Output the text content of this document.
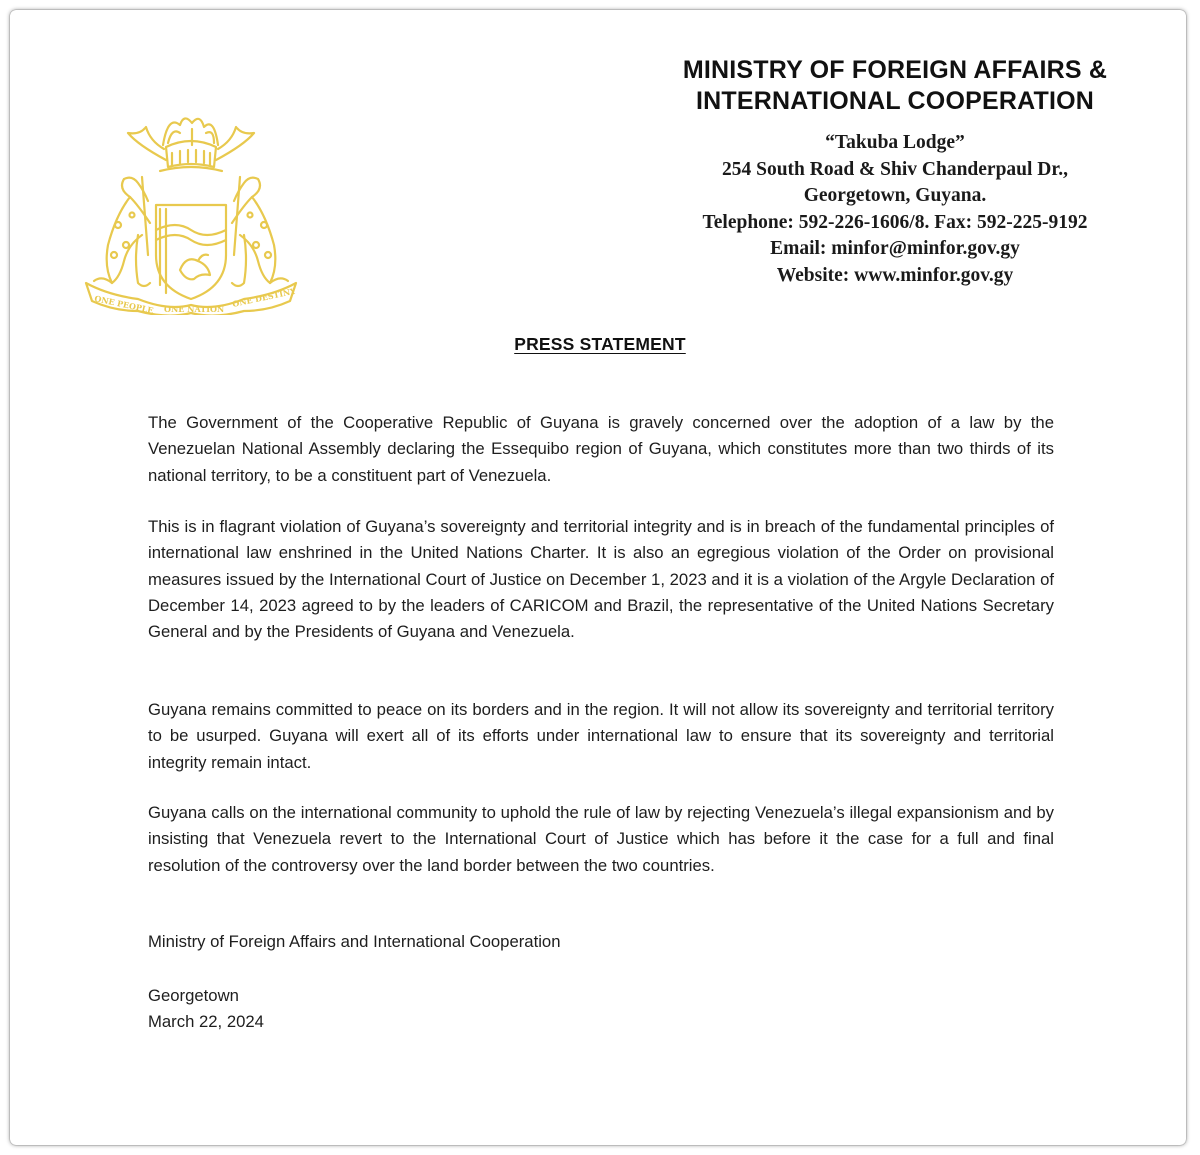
ONE PEOPLE ONE NATION
ONE DESTINY
MINISTRY OF FOREIGN AFFAIRS &
INTERNATIONAL COOPERATION
“Takuba Lodge”
254 South Road & Shiv Chanderpaul Dr.,
Georgetown, Guyana.
Telephone: 592-226-1606/8. Fax: 592-225-9192
Email: minfor@minfor.gov.gy
Website: www.minfor.gov.gy
PRESS STATEMENT
The Government of the Cooperative Republic of Guyana is gravely concerned over the adoption of a law by the Venezuelan National Assembly declaring the Essequibo region of Guyana, which constitutes more than two thirds of its national territory, to be a constituent part of Venezuela.
This is in flagrant violation of Guyana’s sovereignty and territorial integrity and is in breach of the fundamental principles of international law enshrined in the United Nations Charter. It is also an egregious violation of the Order on provisional measures issued by the International Court of Justice on December 1, 2023 and it is a violation of the Argyle Declaration of December 14, 2023 agreed to by the leaders of CARICOM and Brazil, the representative of the United Nations Secretary General and by the Presidents of Guyana and Venezuela.
Guyana remains committed to peace on its borders and in the region. It will not allow its sovereignty and territorial territory to be usurped. Guyana will exert all of its efforts under international law to ensure that its sovereignty and territorial integrity remain intact.
Guyana calls on the international community to uphold the rule of law by rejecting Venezuela’s illegal expansionism and by insisting that Venezuela revert to the International Court of Justice which has before it the case for a full and final resolution of the controversy over the land border between the two countries.
Ministry of Foreign Affairs and International Cooperation
Georgetown
March 22, 2024
